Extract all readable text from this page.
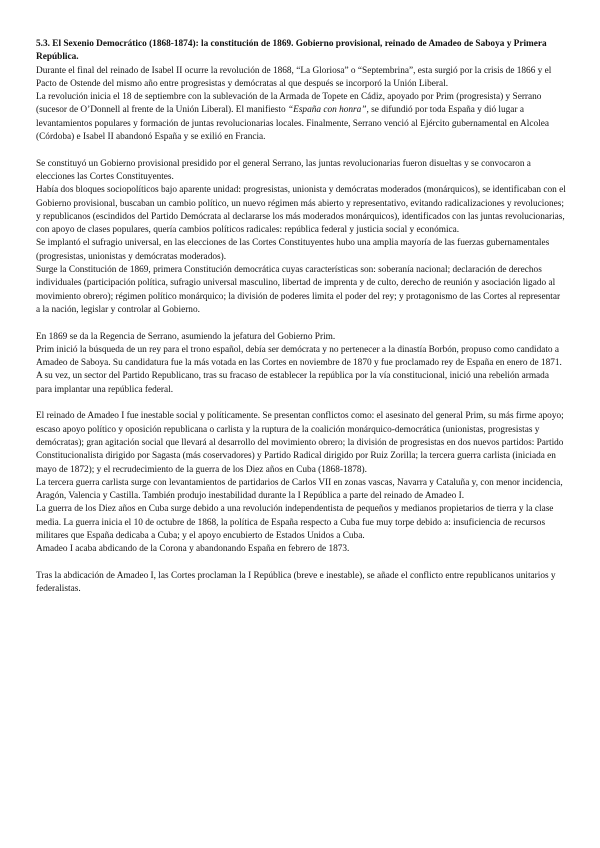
5.3. El Sexenio Democrático (1868-1874): la constitución de 1869. Gobierno provisional, reinado de Amadeo de Saboya y Primera República.

Durante el final del reinado de Isabel II ocurre la revolución de 1868, “La Gloriosa” o “Septembrina”, esta surgió por la crisis de 1866 y el Pacto de Ostende del mismo año entre progresistas y demócratas al que después se incorporó la Unión Liberal.

La revolución inicia el 18 de septiembre con la sublevación de la Armada de Topete en Cádiz, apoyado por Prim (progresista) y Serrano (sucesor de O’Donnell al frente de la Unión Liberal). El manifiesto “España con honra”, se difundió por toda España y dió lugar a levantamientos populares y formación de juntas revolucionarias locales. Finalmente, Serrano venció al Ejército gubernamental en Alcolea (Córdoba) e Isabel II abandonó España y se exilió en Francia.

Se constituyó un Gobierno provisional presidido por el general Serrano, las juntas revolucionarias fueron disueltas y se convocaron a elecciones las Cortes Constituyentes.

Había dos bloques sociopolíticos bajo aparente unidad: progresistas, unionista y demócratas moderados (monárquicos), se identificaban con el Gobierno provisional, buscaban un cambio político, un nuevo régimen más abierto y representativo, evitando radicalizaciones y revoluciones; y republicanos (escindidos del Partido Demócrata al declararse los más moderados monárquicos), identificados con las juntas revolucionarias, con apoyo de clases populares, quería cambios políticos radicales: república federal y justicia social y económica.

Se implantó el sufragio universal, en las elecciones de las Cortes Constituyentes hubo una amplia mayoría de las fuerzas gubernamentales (progresistas, unionistas y demócratas moderados).

Surge la Constitución de 1869, primera Constitución democrática cuyas características son: soberanía nacional; declaración de derechos individuales (participación política, sufragio universal masculino, libertad de imprenta y de culto, derecho de reunión y asociación ligado al movimiento obrero); régimen político monárquico; la división de poderes limita el poder del rey; y protagonismo de las Cortes al representar a la nación, legislar y controlar al Gobierno.

En 1869 se da la Regencia de Serrano, asumiendo la jefatura del Gobierno Prim.

Prim inició la búsqueda de un rey para el trono español, debía ser demócrata y no pertenecer a la dinastía Borbón, propuso como candidato a Amadeo de Saboya. Su candidatura fue la más votada en las Cortes en noviembre de 1870 y fue proclamado rey de España en enero de 1871.

A su vez, un sector del Partido Republicano, tras su fracaso de establecer la república por la vía constitucional, inició una rebelión armada para implantar una república federal.

El reinado de Amadeo I fue inestable social y políticamente. Se presentan conflictos como: el asesinato del general Prim, su más firme apoyo; escaso apoyo político y oposición republicana o carlista y la ruptura de la coalición monárquico-democrática (unionistas, progresistas y demócratas); gran agitación social que llevará al desarrollo del movimiento obrero; la división de progresistas en dos nuevos partidos: Partido Constitucionalista dirigido por Sagasta (más coservadores) y Partido Radical dirigido por Ruiz Zorilla; la tercera guerra carlista (iniciada en mayo de 1872); y el recrudecimiento de la guerra de los Diez años en Cuba (1868-1878).

La tercera guerra carlista surge con levantamientos de partidarios de Carlos VII en zonas vascas, Navarra y Cataluña y, con menor incidencia, Aragón, Valencia y Castilla. También produjo inestabilidad durante la I República a parte del reinado de Amadeo I.

La guerra de los Diez años en Cuba surge debido a una revolución independentista de pequeños y medianos propietarios de tierra y la clase media. La guerra inicia el 10 de octubre de 1868, la política de España respecto a Cuba fue muy torpe debido a: insuficiencia de recursos militares que España dedicaba a Cuba; y el apoyo encubierto de Estados Unidos a Cuba.

Amadeo I acaba abdicando de la Corona y abandonando España en febrero de 1873.

Tras la abdicación de Amadeo I, las Cortes proclaman la I República (breve e inestable), se añade el conflicto entre republicanos unitarios y federalistas.
